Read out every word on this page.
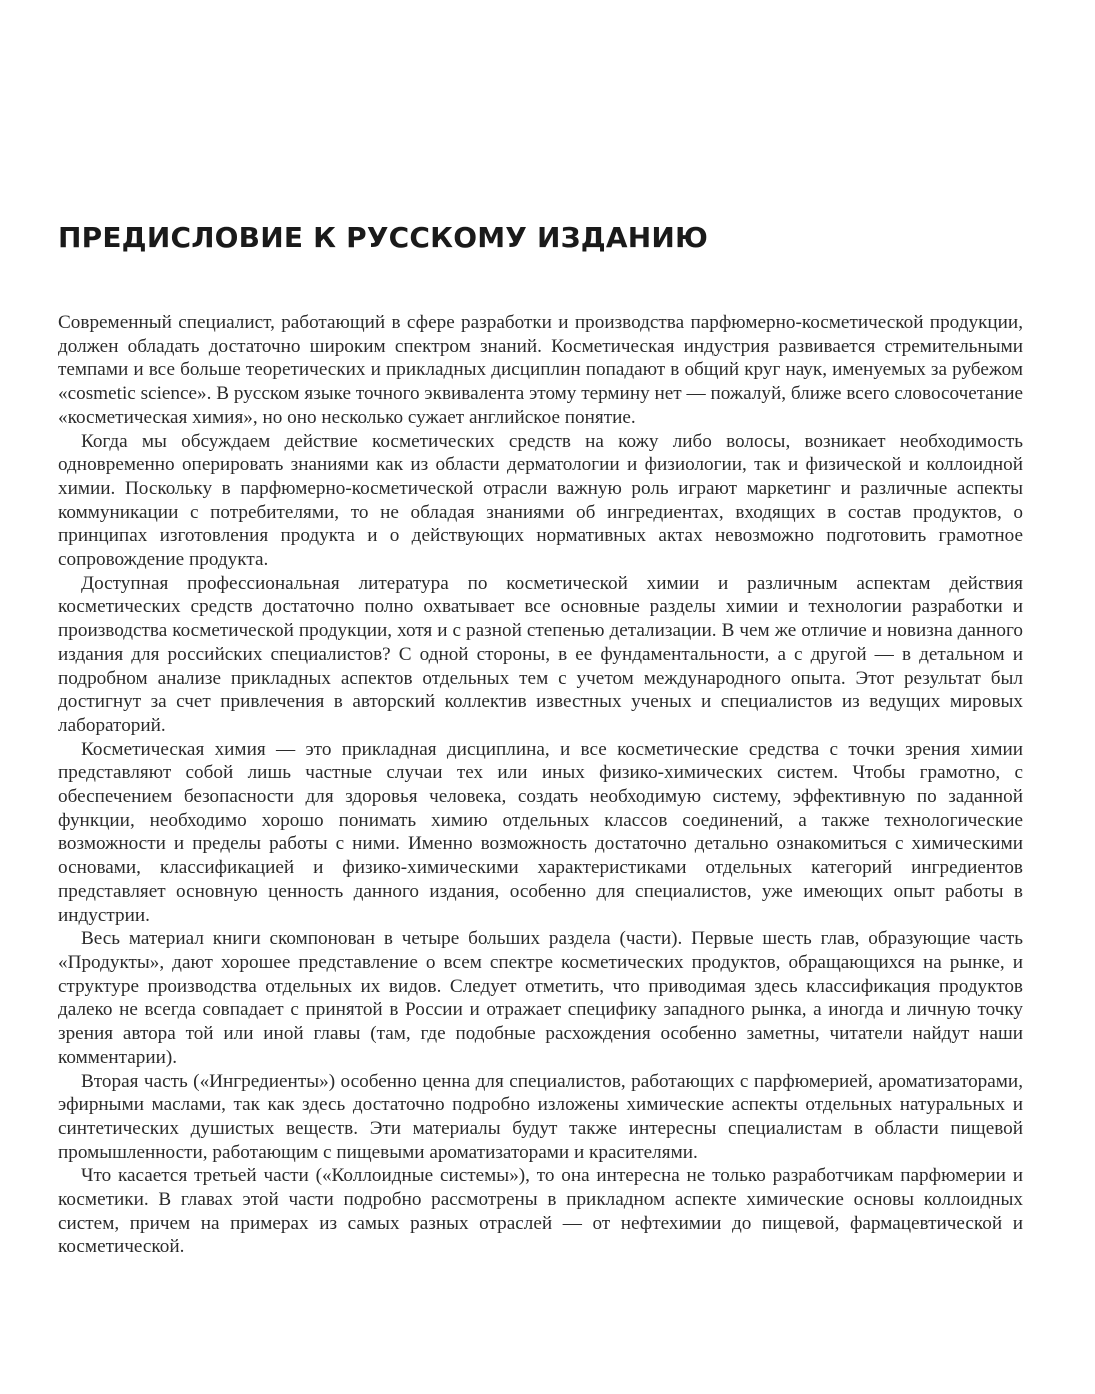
ПРЕДИСЛОВИЕ К РУССКОМУ ИЗДАНИЮ

Современный специалист, работающий в сфере разработки и производства парфюмерно-косметической продукции, должен обладать достаточно широким спектром знаний. Косметическая индустрия развивается стремительными темпами и все больше теоретических и прикладных дисциплин попадают в общий круг наук, именуемых за рубежом «cosmetic science». В русском языке точного эквивалента этому термину нет — пожалуй, ближе всего словосочетание «косметическая химия», но оно несколько сужает английское понятие.

Когда мы обсуждаем действие косметических средств на кожу либо волосы, возникает необходимость одновременно оперировать знаниями как из области дерматологии и физиологии, так и физической и коллоидной химии. Поскольку в парфюмерно-косметической отрасли важную роль играют маркетинг и различные аспекты коммуникации с потребителями, то не обладая знаниями об ингредиентах, входящих в состав продуктов, о принципах изготовления продукта и о действующих нормативных актах невозможно подготовить грамотное сопровождение продукта.

Доступная профессиональная литература по косметической химии и различным аспектам действия косметических средств достаточно полно охватывает все основные разделы химии и технологии разработки и производства косметической продукции, хотя и с разной степенью детализации. В чем же отличие и новизна данного издания для российских специалистов? С одной стороны, в ее фундаментальности, а с другой — в детальном и подробном анализе прикладных аспектов отдельных тем с учетом международного опыта. Этот результат был достигнут за счет привлечения в авторский коллектив известных ученых и специалистов из ведущих мировых лабораторий.

Косметическая химия — это прикладная дисциплина, и все косметические средства с точки зрения химии представляют собой лишь частные случаи тех или иных физико-химических систем. Чтобы грамотно, с обеспечением безопасности для здоровья человека, создать необходимую систему, эффективную по заданной функции, необходимо хорошо понимать химию отдельных классов соединений, а также технологические возможности и пределы работы с ними. Именно возможность достаточно детально ознакомиться с химическими основами, классификацией и физико-химическими характеристиками отдельных категорий ингредиентов представляет основную ценность данного издания, особенно для специалистов, уже имеющих опыт работы в индустрии.

Весь материал книги скомпонован в четыре больших раздела (части). Первые шесть глав, образующие часть «Продукты», дают хорошее представление о всем спектре косметических продуктов, обращающихся на рынке, и структуре производства отдельных их видов. Следует отметить, что приводимая здесь классификация продуктов далеко не всегда совпадает с принятой в России и отражает специфику западного рынка, а иногда и личную точку зрения автора той или иной главы (там, где подобные расхождения особенно заметны, читатели найдут наши комментарии).

Вторая часть («Ингредиенты») особенно ценна для специалистов, работающих с парфюмерией, ароматизаторами, эфирными маслами, так как здесь достаточно подробно изложены химические аспекты отдельных натуральных и синтетических душистых веществ. Эти материалы будут также интересны специалистам в области пищевой промышленности, работающим с пищевыми ароматизаторами и красителями.

Что касается третьей части («Коллоидные системы»), то она интересна не только разработчикам парфюмерии и косметики. В главах этой части подробно рассмотрены в прикладном аспекте химические основы коллоидных систем, причем на примерах из самых разных отраслей — от нефтехимии до пищевой, фармацевтической и косметической.
